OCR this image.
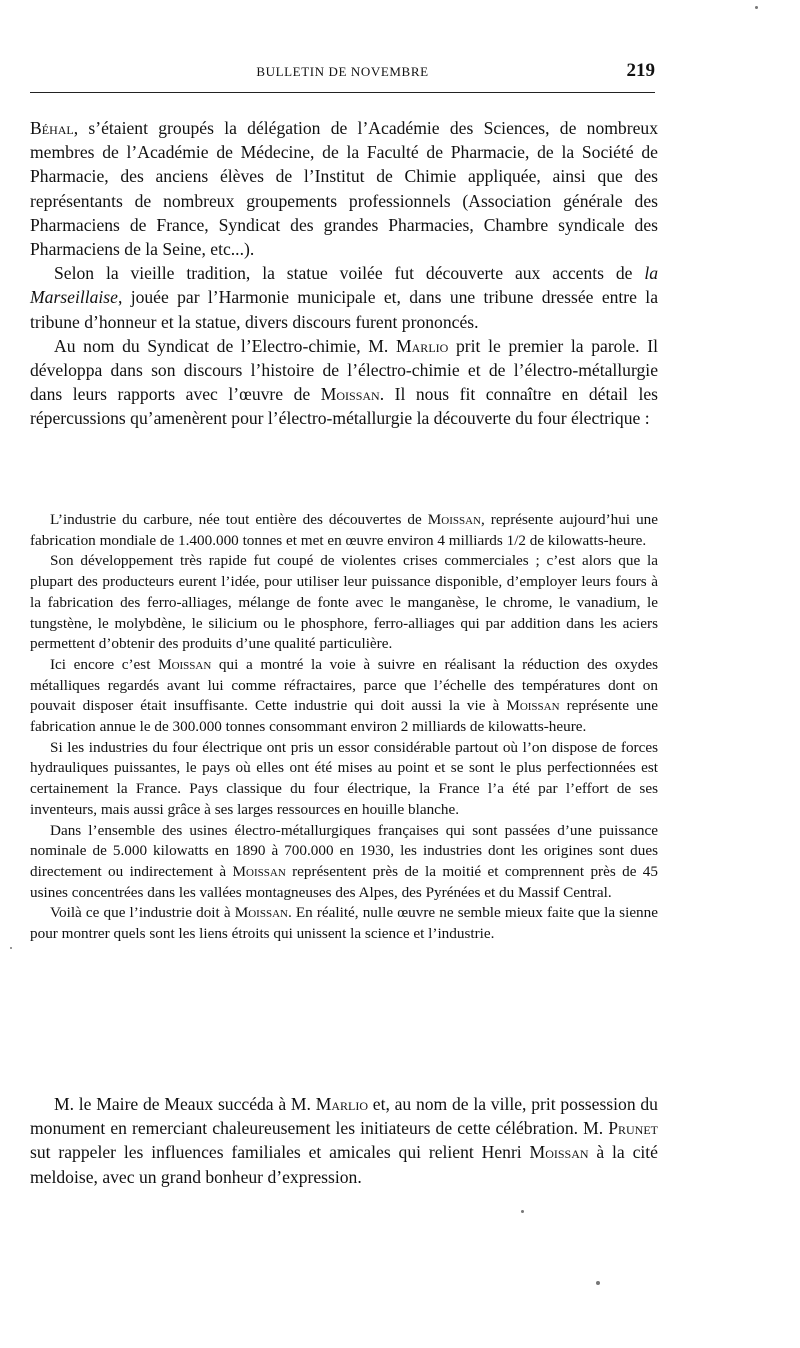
BULLETIN DE NOVEMBRE	219

Béhal, s’étaient groupés la délégation de l’Académie des Sciences, de nombreux membres de l’Académie de Médecine, de la Faculté de Pharmacie, de la Société de Pharmacie, des anciens élèves de l’Institut de Chimie appliquée, ainsi que des représentants de nombreux groupements professionnels (Association générale des Pharmaciens de France, Syndicat des grandes Pharmacies, Chambre syndicale des Pharmaciens de la Seine, etc...).

Selon la vieille tradition, la statue voilée fut découverte aux accents de la Marseillaise, jouée par l’Harmonie municipale et, dans une tribune dressée entre la tribune d’honneur et la statue, divers discours furent prononcés.

Au nom du Syndicat de l’Electro-chimie, M. Marlio prit le premier la parole. Il développa dans son discours l’histoire de l’électro-chimie et de l’électro-métallurgie dans leurs rapports avec l’œuvre de Moissan. Il nous fit connaître en détail les répercussions qu’amenèrent pour l’électro-métallurgie la découverte du four électrique :

L’industrie du carbure, née tout entière des découvertes de Moissan, représente aujourd’hui une fabrication mondiale de 1.400.000 tonnes et met en œuvre environ 4 milliards 1/2 de kilowatts-heure.

Son développement très rapide fut coupé de violentes crises commerciales ; c’est alors que la plupart des producteurs eurent l’idée, pour utiliser leur puissance disponible, d’employer leurs fours à la fabrication des ferro-alliages, mélange de fonte avec le manganèse, le chrome, le vanadium, le tungstène, le molybdène, le silicium ou le phosphore, ferro-alliages qui par addition dans les aciers permettent d’obtenir des produits d’une qualité particulière.

Ici encore c’est Moissan qui a montré la voie à suivre en réalisant la réduction des oxydes métalliques regardés avant lui comme réfractaires, parce que l’échelle des températures dont on pouvait disposer était insuffisante. Cette industrie qui doit aussi la vie à Moissan représente une fabrication annue le de 300.000 tonnes consommant environ 2 milliards de kilowatts-heure.

Si les industries du four électrique ont pris un essor considérable partout où l’on dispose de forces hydrauliques puissantes, le pays où elles ont été mises au point et se sont le plus perfectionnées est certainement la France. Pays classique du four électrique, la France l’a été par l’effort de ses inventeurs, mais aussi grâce à ses larges ressources en houille blanche.

Dans l’ensemble des usines électro-métallurgiques françaises qui sont passées d’une puissance nominale de 5.000 kilowatts en 1890 à 700.000 en 1930, les industries dont les origines sont dues directement ou indirectement à Moissan représentent près de la moitié et comprennent près de 45 usines concentrées dans les vallées montagneuses des Alpes, des Pyrénées et du Massif Central.

Voilà ce que l’industrie doit à Moissan. En réalité, nulle œuvre ne semble mieux faite que la sienne pour montrer quels sont les liens étroits qui unissent la science et l’industrie.

M. le Maire de Meaux succéda à M. Marlio et, au nom de la ville, prit possession du monument en remerciant chaleureusement les initiateurs de cette célébration. M. Prunet sut rappeler les influences familiales et amicales qui relient Henri Moissan à la cité meldoise, avec un grand bonheur d’expression.
